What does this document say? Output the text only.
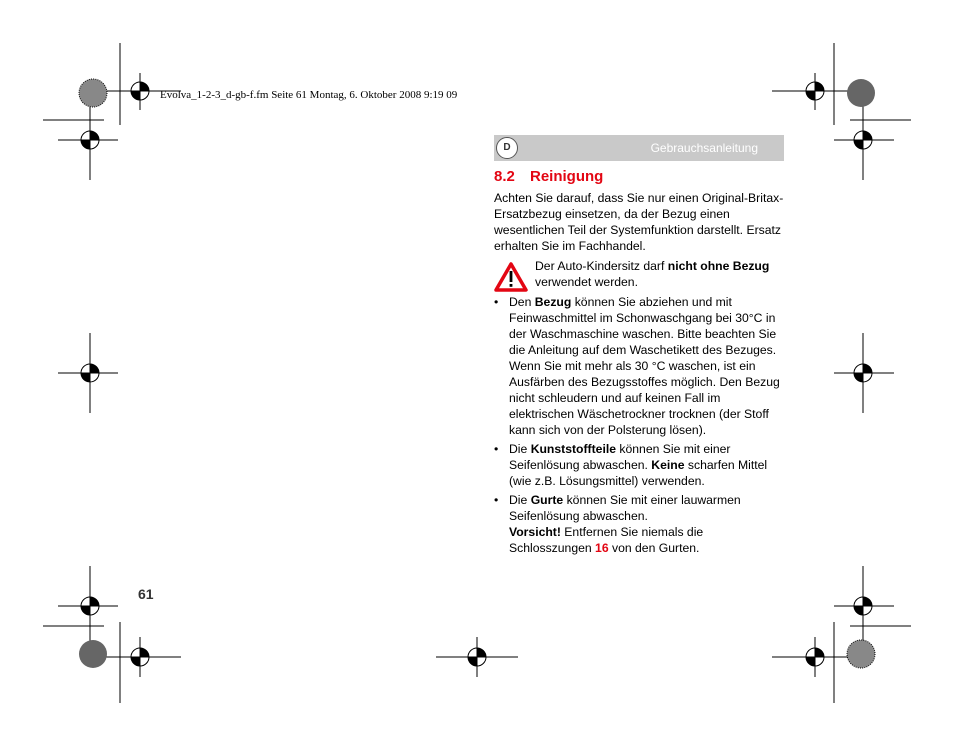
Evolva_1-2-3_d-gb-f.fm Seite 61 Montag, 6. Oktober 2008 9:19 09
D	Gebrauchsanleitung
8.2 Reinigung
Achten Sie darauf, dass Sie nur einen Original-Britax-Ersatzbezug einsetzen, da der Bezug einen wesentlichen Teil der Systemfunktion darstellt. Ersatz erhalten Sie im Fachhandel.
Der Auto-Kindersitz darf nicht ohne Bezug verwendet werden.
• Den Bezug können Sie abziehen und mit Feinwaschmittel im Schonwaschgang bei 30°C in der Waschmaschine waschen. Bitte beachten Sie die Anleitung auf dem Waschetikett des Bezuges. Wenn Sie mit mehr als 30 °C waschen, ist ein Ausfärben des Bezugsstoffes möglich. Den Bezug nicht schleudern und auf keinen Fall im elektrischen Wäschetrockner trocknen (der Stoff kann sich von der Polsterung lösen).
• Die Kunststoffteile können Sie mit einer Seifenlösung abwaschen. Keine scharfen Mittel (wie z.B. Lösungsmittel) verwenden.
• Die Gurte können Sie mit einer lauwarmen Seifenlösung abwaschen.
Vorsicht! Entfernen Sie niemals die Schlosszungen 16 von den Gurten.
61
